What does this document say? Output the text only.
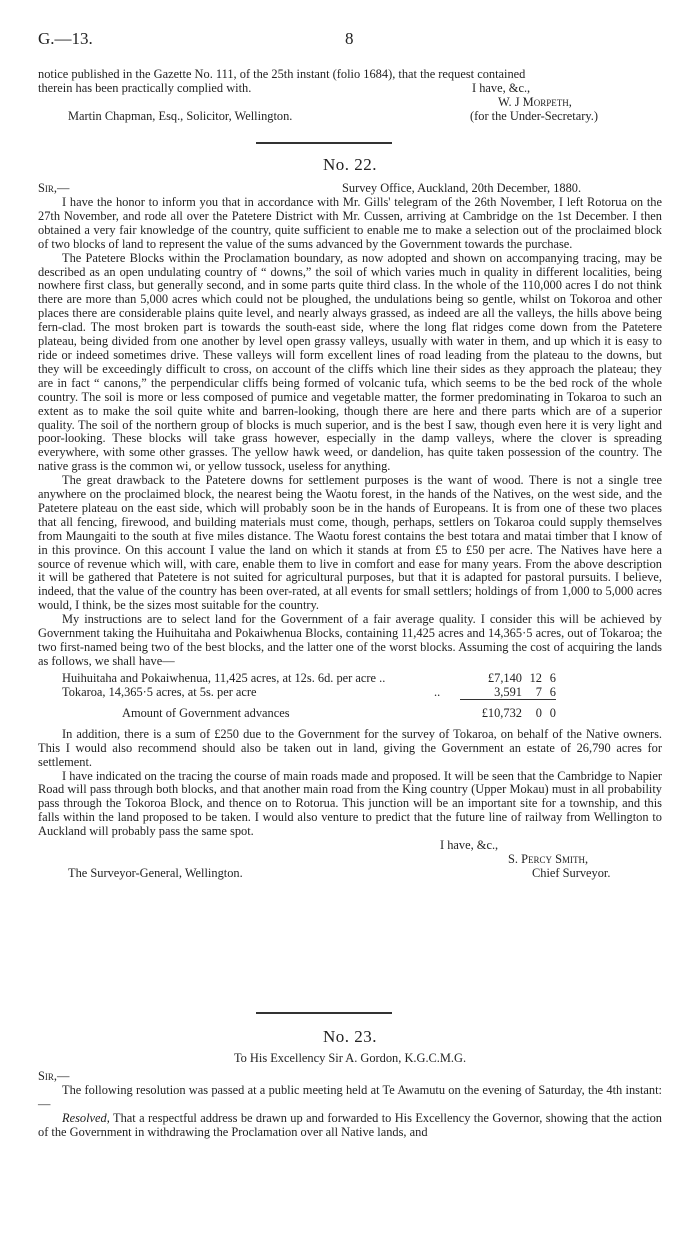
G.—13.	8
notice published in the Gazette No. 111, of the 25th instant (folio 1684), that the request contained
therein has been practically complied with.	I have, &c.,
W. J Morpeth,
Martin Chapman, Esq., Solicitor, Wellington.	(for the Under-Secretary.)
No. 22.
Sir,—	Survey Office, Auckland, 20th December, 1880.

I have the honor to inform you that in accordance with Mr. Gills' telegram of the 26th November, I left Rotorua on the 27th November, and rode all over the Patetere District with Mr. Cussen, arriving at Cambridge on the 1st December. I then obtained a very fair knowledge of the country, quite sufficient to enable me to make a selection out of the proclaimed block of two blocks of land to represent the value of the sums advanced by the Government towards the purchase.

The Patetere Blocks within the Proclamation boundary, as now adopted and shown on accompanying tracing, may be described as an open undulating country of “ downs,” the soil of which varies much in quality in different localities, being nowhere first class, but generally second, and in some parts quite third class. In the whole of the 110,000 acres I do not think there are more than 5,000 acres which could not be ploughed, the undulations being so gentle, whilst on Tokoroa and other places there are considerable plains quite level, and nearly always grassed, as indeed are all the valleys, the hills above being fern-clad. The most broken part is towards the south-east side, where the long flat ridges come down from the Patetere plateau, being divided from one another by level open grassy valleys, usually with water in them, and up which it is easy to ride or indeed sometimes drive. These valleys will form excellent lines of road leading from the plateau to the downs, but they will be exceedingly difficult to cross, on account of the cliffs which line their sides as they approach the plateau; they are in fact “ canons,” the perpendicular cliffs being formed of volcanic tufa, which seems to be the bed rock of the whole country. The soil is more or less composed of pumice and vegetable matter, the former predominating in Tokaroa to such an extent as to make the soil quite white and barren-looking, though there are here and there parts which are of a superior quality. The soil of the northern group of blocks is much superior, and is the best I saw, though even here it is very light and poor-looking. These blocks will take grass however, especially in the damp valleys, where the clover is spreading everywhere, with some other grasses. The yellow hawk weed, or dandelion, has quite taken possession of the country. The native grass is the common wi, or yellow tussock, useless for anything.

The great drawback to the Patetere downs for settlement purposes is the want of wood. There is not a single tree anywhere on the proclaimed block, the nearest being the Waotu forest, in the hands of the Natives, on the west side, and the Patetere plateau on the east side, which will probably soon be in the hands of Europeans. It is from one of these two places that all fencing, firewood, and building materials must come, though, perhaps, settlers on Tokaroa could supply themselves from Maungaiti to the south at five miles distance. The Waotu forest contains the best totara and matai timber that I know of in this province. On this account I value the land on which it stands at from £5 to £50 per acre. The Natives have here a source of revenue which will, with care, enable them to live in comfort and ease for many years. From the above description it will be gathered that Patetere is not suited for agricultural purposes, but that it is adapted for pastoral pursuits. I believe, indeed, that the value of the country has been over-rated, at all events for small settlers; holdings of from 1,000 to 5,000 acres would, I think, be the sizes most suitable for the country.

My instructions are to select land for the Government of a fair average quality. I consider this will be achieved by Government taking the Huihuitaha and Pokaiwhenua Blocks, containing 11,425 acres and 14,365·5 acres, out of Tokaroa; the two first-named being two of the best blocks, and the latter one of the worst blocks. Assuming the cost of acquiring the lands as follows, we shall have—

Huihuitaha and Pokaiwhenua, 11,425 acres, at 12s. 6d. per acre ..	£7,140	12	6
Tokaroa, 14,365·5 acres, at 5s. per acre ..	3,591	7	6
Amount of Government advances	£10,732	0	0

In addition, there is a sum of £250 due to the Government for the survey of Tokaroa, on behalf of the Native owners. This I would also recommend should also be taken out in land, giving the Government an estate of 26,790 acres for settlement.

I have indicated on the tracing the course of main roads made and proposed. It will be seen that the Cambridge to Napier Road will pass through both blocks, and that another main road from the King country (Upper Mokau) must in all probability pass through the Tokoroa Block, and thence on to Rotorua. This junction will be an important site for a township, and this falls within the land proposed to be taken. I would also venture to predict that the future line of railway from Wellington to Auckland will probably pass the same spot.

I have, &c.,
S. Percy Smith,
The Surveyor-General, Wellington.	Chief Surveyor.
No. 23.
To His Excellency Sir A. Gordon, K.G.C.M.G.
Sir,—

The following resolution was passed at a public meeting held at Te Awamutu on the evening of Saturday, the 4th instant:—

Resolved, That a respectful address be drawn up and forwarded to His Excellency the Governor, showing that the action of the Government in withdrawing the Proclamation over all Native lands, and
